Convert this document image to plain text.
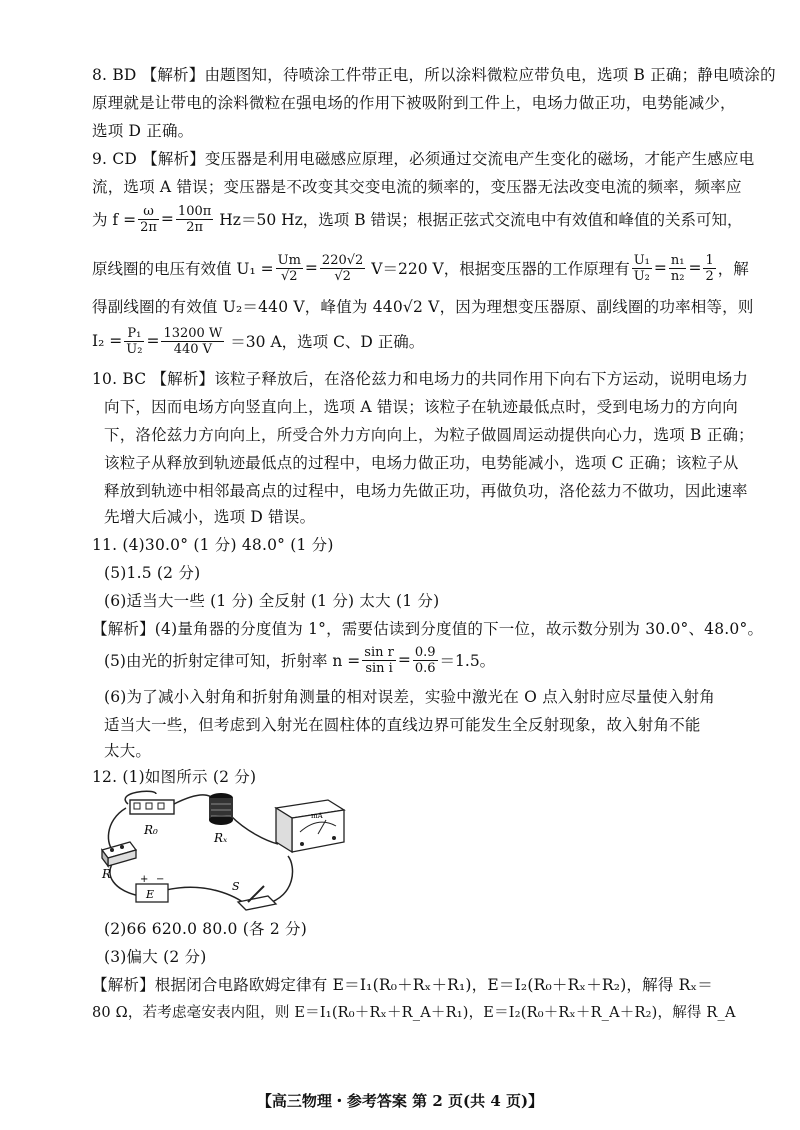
8. BD 【解析】由题图知，待喷涂工件带正电，所以涂料微粒应带负电，选项 B 正确；静电喷涂的
原理就是让带电的涂料微粒在强电场的作用下被吸附到工件上，电场力做正功，电势能减少，
选项 D 正确。
9. CD 【解析】变压器是利用电磁感应原理，必须通过交流电产生变化的磁场，才能产生感应电
流，选项 A 错误；变压器是不改变其交变电流的频率的，变压器无法改变电流的频率，频率应
为 $f = \frac{\omega}{2\pi} = \frac{100\pi}{2\pi} Hz=50$ Hz，选项 B 错误；根据正弦式交流电中有效值和峰值的关系可知，
原线圈的电压有效值 $U_1 = \frac{Um}{√2} = \frac{220√2}{√2} V=220$ V，根据变压器的工作原理有 $\frac{\text{U₁}}{\text{U₂}} = \frac{\text{n₁}}{\text{n₂}} = \frac{1}{2}$ ，解
得副线圈的有效值 U₂＝440 V，峰值为 440√2 V，因为理想变压器原、副线圈的功率相等，则
$I_2 = \frac{\text{P₁}}{\text{U₂}} = \frac{13200 W}{440 V} =30$ A，选项 C、D 正确。
10. BC 【解析】该粒子释放后，在洛伦兹力和电场力的共同作用下向右下方运动，说明电场力
向下，因而电场方向竖直向上，选项 A 错误；该粒子在轨迹最低点时，受到电场力的方向向
下，洛伦兹力方向向上，所受合外力方向向上，为粒子做圆周运动提供向心力，选项 B 正确；
该粒子从释放到轨迹最低点的过程中，电场力做正功，电势能减小，选项 C 正确；该粒子从
释放到轨迹中相邻最高点的过程中，电场力先做正功，再做负功，洛伦兹力不做功，因此速率
先增大后减小，选项 D 错误。
11. (4)30.0° (1 分) 48.0° (1 分)
(5)1.5 (2 分)
(6)适当大一些 (1 分) 全反射 (1 分) 太大 (1 分)
【解析】(4)量角器的分度值为 1°，需要估读到分度值的下一位，故示数分别为 30.0°、48.0°。
(5)由光的折射定律可知，折射率 $n = \frac{\text{sin r}}{\text{sin i}} = \frac{0.9}{0.6} =1.5$。
(6)为了减小入射角和折射角测量的相对误差，实验中激光在 O 点入射时应尽量使入射角
适当大一些，但考虑到入射光在圆柱体的直线边界可能发生全反射现象，故入射角不能
太大。
12. (1)如图所示 (2 分)
R₀
Rₓ
R	+ −
E
mA
S
(2)66 620.0 80.0 (各 2 分)
(3)偏大 (2 分)
【解析】根据闭合电路欧姆定律有 E＝I₁(R₀＋Rₓ＋R₁)，E＝I₂(R₀＋Rₓ＋R₂)，解得 Rₓ＝
80 Ω，若考虑毫安表内阻，则 E＝I₁(R₀＋Rₓ＋R_A＋R₁)，E＝I₂(R₀＋Rₓ＋R_A＋R₂)，解得 R_A
【高三物理・参考答案 第 2 页(共 4 页)】
